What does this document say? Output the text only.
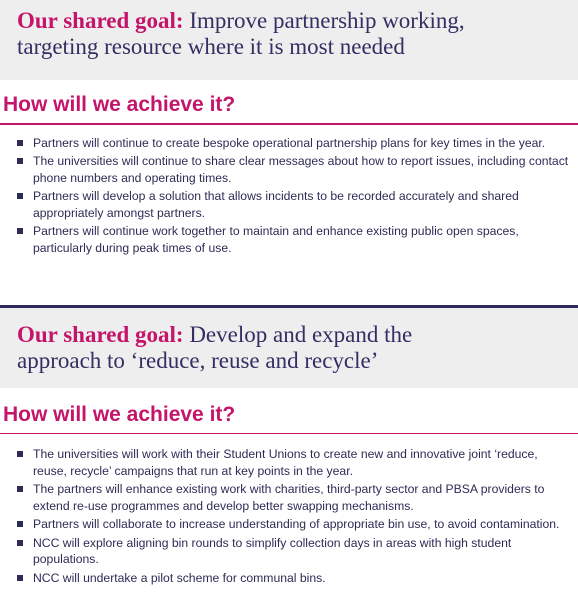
Our shared goal: Improve partnership working,
targeting resource where it is most needed

How will we achieve it?
Partners will continue to create bespoke operational partnership plans for key times in the year.
The universities will continue to share clear messages about how to report issues, including contact phone numbers and operating times.
Partners will develop a solution that allows incidents to be recorded accurately and shared appropriately amongst partners.
Partners will continue work together to maintain and enhance existing public open spaces, particularly during peak times of use.

Our shared goal: Develop and expand the
approach to ‘reduce, reuse and recycle’

How will we achieve it?
The universities will work with their Student Unions to create new and innovative joint ‘reduce, reuse, recycle’ campaigns that run at key points in the year.
The partners will enhance existing work with charities, third-party sector and PBSA providers to extend re-use programmes and develop better swapping mechanisms.
Partners will collaborate to increase understanding of appropriate bin use, to avoid contamination.
NCC will explore aligning bin rounds to simplify collection days in areas with high student populations.
NCC will undertake a pilot scheme for communal bins.
